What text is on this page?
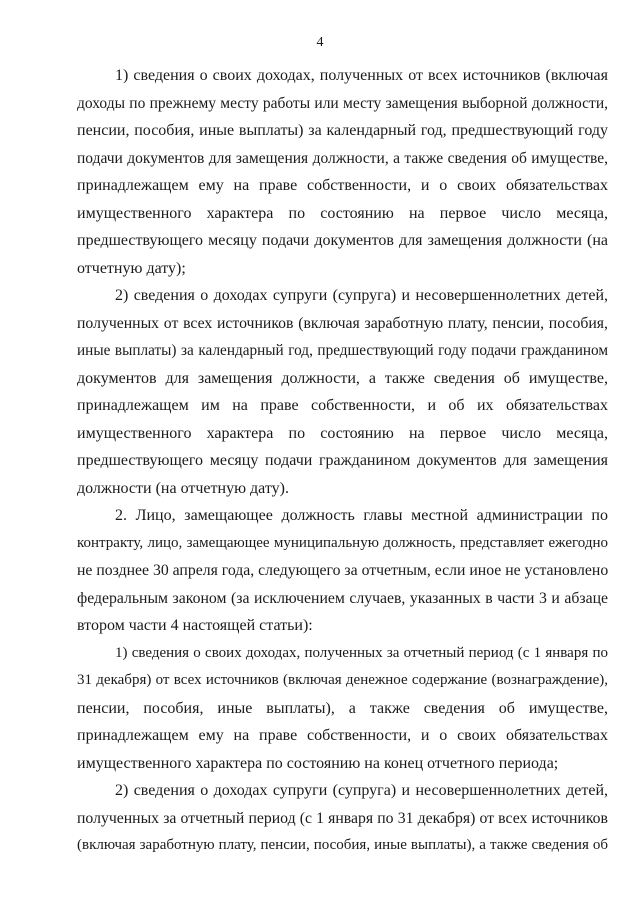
4
1) сведения о своих доходах, полученных от всех источников (включая
доходы по прежнему месту работы или месту замещения выборной должности,
пенсии, пособия, иные выплаты) за календарный год, предшествующий году
подачи документов для замещения должности, а также сведения об имуществе,
принадлежащем ему на праве собственности, и о своих обязательствах
имущественного характера по состоянию на первое число месяца,
предшествующего месяцу подачи документов для замещения должности (на
отчетную дату);
2) сведения о доходах супруги (супруга) и несовершеннолетних детей,
полученных от всех источников (включая заработную плату, пенсии, пособия,
иные выплаты) за календарный год, предшествующий году подачи гражданином
документов для замещения должности, а также сведения об имуществе,
принадлежащем им на праве собственности, и об их обязательствах
имущественного характера по состоянию на первое число месяца,
предшествующего месяцу подачи гражданином документов для замещения
должности (на отчетную дату).
2. Лицо, замещающее должность главы местной администрации по
контракту, лицо, замещающее муниципальную должность, представляет ежегодно
не позднее 30 апреля года, следующего за отчетным, если иное не установлено
федеральным законом (за исключением случаев, указанных в части 3 и абзаце
втором части 4 настоящей статьи):
1) сведения о своих доходах, полученных за отчетный период (с 1 января по
31 декабря) от всех источников (включая денежное содержание (вознаграждение),
пенсии, пособия, иные выплаты), а также сведения об имуществе,
принадлежащем ему на праве собственности, и о своих обязательствах
имущественного характера по состоянию на конец отчетного периода;
2) сведения о доходах супруги (супруга) и несовершеннолетних детей,
полученных за отчетный период (с 1 января по 31 декабря) от всех источников
(включая заработную плату, пенсии, пособия, иные выплаты), а также сведения об
